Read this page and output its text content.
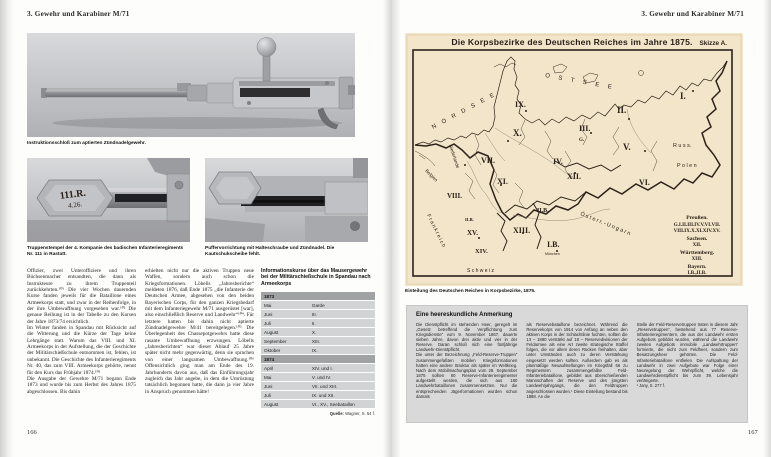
3. Gewehr und Karabiner M/71
Instruktionsschloß zum aptierten Zündnadelgewehr.
· · · · · ·
111.R.
4.26.
Truppenstempel der 4. Kompanie des badischen Infanterieregiments Nr. 111 in Rastatt.
Puffervorrichtung mit Halteschraube und Zündnadel. Die Kautschukscheibe fehlt.

Offizier, zwei Unteroffiziere und ihren Büchsenmacher entsandten, die dann als Instrukteure zu ihrem Truppenteil zurückkehrten.¹⁰¹ Die vier Wochen dauernden Kurse fanden jeweils für die Bataillone eines Armeekorps statt, und zwar in der Reihenfolge, in der ihre Umbewaffnung vorgesehen war.¹⁰² Die genaue Reihung ist in der Tabelle zu den Kursen der Jahre 1873/74 ersichtlich.

Im Winter fanden in Spandau mit Rücksicht auf die Witterung und die Kürze der Tage keine Lehrgänge statt. Warum das VIII. und XI. Armeekorps in der Aufstellung, die der Geschichte der Militärschießschule entnommen ist, fehlen, ist unbekannt. Die Geschichte des Infanterieregiments Nr. 40, das zum VIII. Armeekorps gehörte, nennt für den Kurs das Frühjahr 1874.¹⁰³

Die Ausgabe der Gewehre M/71 begann Ende 1873 und wurde bis zum Herbst des Jahres 1875 abgeschlossen. Bis dahin

erhielten nicht nur die aktiven Truppen neue Waffen, sondern auch schon die Kriegsformationen. Löbells „Jahresberichte“ meldeten 1876, daß Ende 1875 „die Infanterie der Deutschen Armee, abgesehen von den beiden Bayerischen Corps, für den ganzen Kriegsbedarf mit dem Infanteriegewehr M/71 ausgerüstet [war], also einschließlich Reserve und Landwehr“¹⁰⁴. Für letztere hatten bis dahin nicht aptierte Zündnadelgewehre M/41 bereitgelegen.¹⁰⁵ Die Überlegenheit des Chassepotgewehrs hatte diese rasante Umbewaffnung erzwungen. Löbells „Jahresberichten“ war dieser Ablauf 25 Jahre später nicht mehr gegenwärtig, denn sie sprachen von einer langsamen Umbewaffnung.¹⁰⁶ Offensichtlich ging man am Ende des 19. Jahrhunderts davon aus, daß das Einführungsjahr zugleich das Jahr angebe, in dem die Umrüstung tatsächlich begonnen hatte, die dann ja vier Jahre in Anspruch genommen hätte!

Informationskurse über das Mausergewehr bei der Militärschießschule in Spandau nach Armeekorps

1873	
Mai	Garde
Juni	III.
Juli	II.
August	X.
September	XIII.
Oktober	IX.
1874	
April	XIV. und I.
Mai	V. und IV.
Juni	VII. und XIII.
Juli	IX. und XII.
August	VI., XV., Seebataillon
Quelle: Wagner, S. 54 f.
166
3. Gewehr und Karabiner M/71
Die Korpsbezirke des Deutschen Reiches im Jahre 1875. Skizze A.
N O R D S E E
O S T S E E
Niederlande
Belgien
F r a n k r e i c h
S c h w e i z
Ö s t e r r. - U n g a r n
R u s s.
P o l e n
I.
II.
III.
G.
IV.
V.
VI.
VII.
VIII.
IX.
X.
XI.
XII.
XIII.
XIV.
XV.
I.B.
II.B.
II.B.
München
Preußen.
G.I.II.III.IV.V.VI.VII.
VIII.IX.X.XI.XIV.XV.
Sachsen.
XII.
Württemberg.
XIII.
Bayern.
I.B.,II.B.
· · · · · ·
Einteilung des Deutschen Reiches in Korpsbezirke, 1875.

Eine heereskundliche Anmerkung

Die Dienstpflicht im stehenden Heer, geregelt im „Gesetz betreffend die Verpflichtung zum Kriegsdienste“ vom 9. November 1867, dauerte sieben Jahre, davon drei aktiv und vier in der Reserve. Daran schloß sich eine fünfjährige Landwehr-Dienstpflicht.

Die unter der Bezeichnung „Feld-Reserve-Truppen“ zusammengefaßten mobilen Kriegsformationen hatten eine andere Struktur als später im Weltkrieg. Nach dem Mobilmachungsplan vom 28. September 1875 sollten 60 Reserve-Infanterieregimenter aufgestellt werden, die sich aus 180 Landwehrbataillonen zusammensetzten. Nur die entsprechenden Jägerformationen wurden schon damals

als Reservebataillone bezeichnet. Während die Reservekorps von 1914 von Anfang an neben den aktiven Korps in der Schlachtlinie fochten, sollten die 13 – 1880 verstärkt auf 18 – Reservedivisionen der Feldarmee als eine Art zweite strategische Staffel folgen, die vor allem deren Rücken freihalten, aber unter Umständen auch zu deren Verstärkung eingesetzt werden sollten. Außerdem gab es als planmäßige Neuaufstellungen im Kriegsfall 66 zu Regimentern zusammengefaßte Feld-Infanteriebataillone, gebildet aus überschießenden Mannschaften der Reserve und des jüngsten Landwehrjahrgangs, die den Feldtruppen angeschlossen wurden.¹ Diese Einteilung bestand bis 1888. An die

Stelle der Feld-Reservetruppen traten in diesem Jahr „Reservetruppen“, bestehend aus 77 Reserve-Infanterieregimentern, die aus der Landwehr ersten Aufgebots gebildet wurden, während die Landwehr zweiten Aufgebots immobile „Landwehrtruppen“ formierte, die nicht zum Feldheer, sondern zum Besatzungsheer gehörten. Die Feld-Infanteriebataillone entfielen. Die Aufspaltung der Landwehr in zwei Aufgebote war Folge einer Neuregelung der Wehrpflicht, welche die Landwehrdienstpflicht bis zum 39. Lebensjahr verlängerte.

¹ Jany, S. 277 f.

167
